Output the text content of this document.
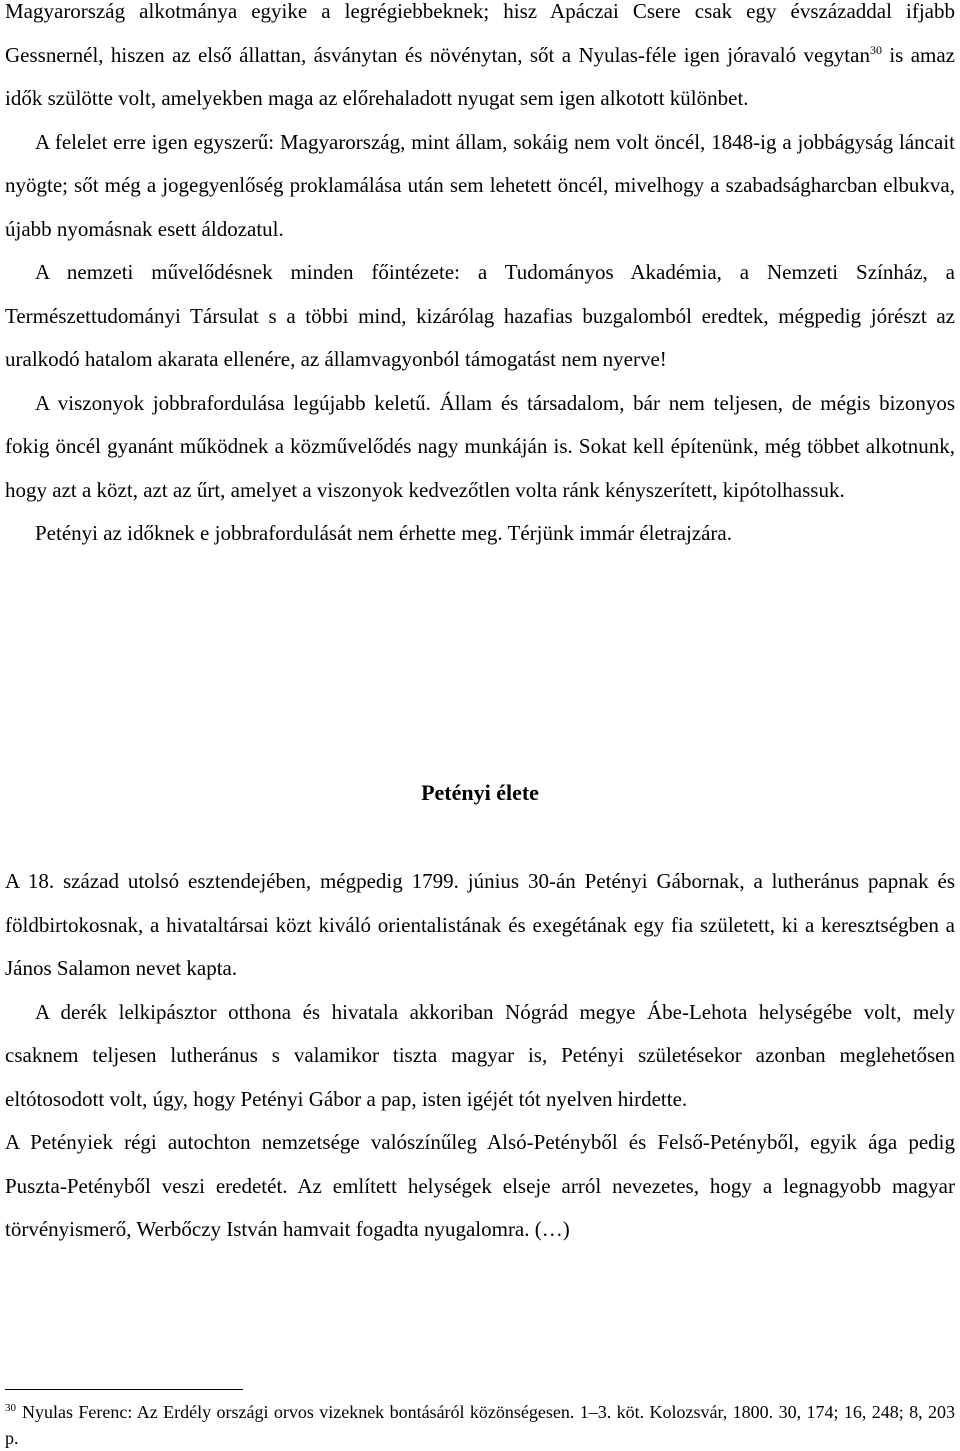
Magyarország alkotmánya egyike a legrégiebbeknek; hisz Apáczai Csere csak egy évszázaddal ifjabb Gessnernél, hiszen az első állattan, ásványtan és növénytan, sőt a Nyulas-féle igen jóravaló vegytan$^{30}$ is amaz idők szülötte volt, amelyekben maga az előrehaladott nyugat sem igen alkotott különbet.

A felelet erre igen egyszerű: Magyarország, mint állam, sokáig nem volt öncél, 1848-ig a jobbágyság láncait nyögte; sőt még a jogegyenlőség proklamálása után sem lehetett öncél, mivelhogy a szabadságharcban elbukva, újabb nyomásnak esett áldozatul.

A nemzeti művelődésnek minden főintézete: a Tudományos Akadémia, a Nemzeti Színház, a Természettudományi Társulat s a többi mind, kizárólag hazafias buzgalomból eredtek, mégpedig jórészt az uralkodó hatalom akarata ellenére, az államvagyonból támogatást nem nyerve!

A viszonyok jobbrafordulása legújabb keletű. Állam és társadalom, bár nem teljesen, de mégis bizonyos fokig öncél gyanánt működnek a közművelődés nagy munkáján is. Sokat kell építenünk, még többet alkotnunk, hogy azt a közt, azt az űrt, amelyet a viszonyok kedvezőtlen volta ránk kényszerített, kipótolhassuk.

Petényi az időknek e jobbrafordulását nem érhette meg. Térjünk immár életrajzára.

Petényi élete

A 18. század utolsó esztendejében, mégpedig 1799. június 30-án Petényi Gábornak, a lutheránus papnak és földbirtokosnak, a hivataltársai közt kiváló orientalistának és exegétának egy fia született, ki a keresztségben a János Salamon nevet kapta.

A derék lelkipásztor otthona és hivatala akkoriban Nógrád megye Ábe-Lehota helységébe volt, mely csaknem teljesen lutheránus s valamikor tiszta magyar is, Petényi születésekor azonban meglehetősen eltótosodott volt, úgy, hogy Petényi Gábor a pap, isten igéjét tót nyelven hirdette.

A Petényiek régi autochton nemzetsége valószínűleg Alsó-Petényből és Felső-Petényből, egyik ága pedig Puszta-Petényből veszi eredetét. Az említett helységek elseje arról nevezetes, hogy a legnagyobb magyar törvényismerő, Werbőczy István hamvait fogadta nyugalomra. (…)

$^{30}$ Nyulas Ferenc: Az Erdély országi orvos vizeknek bontásáról közönségesen. 1–3. köt. Kolozsvár, 1800. 30, 174; 16, 248; 8, 203 p.
